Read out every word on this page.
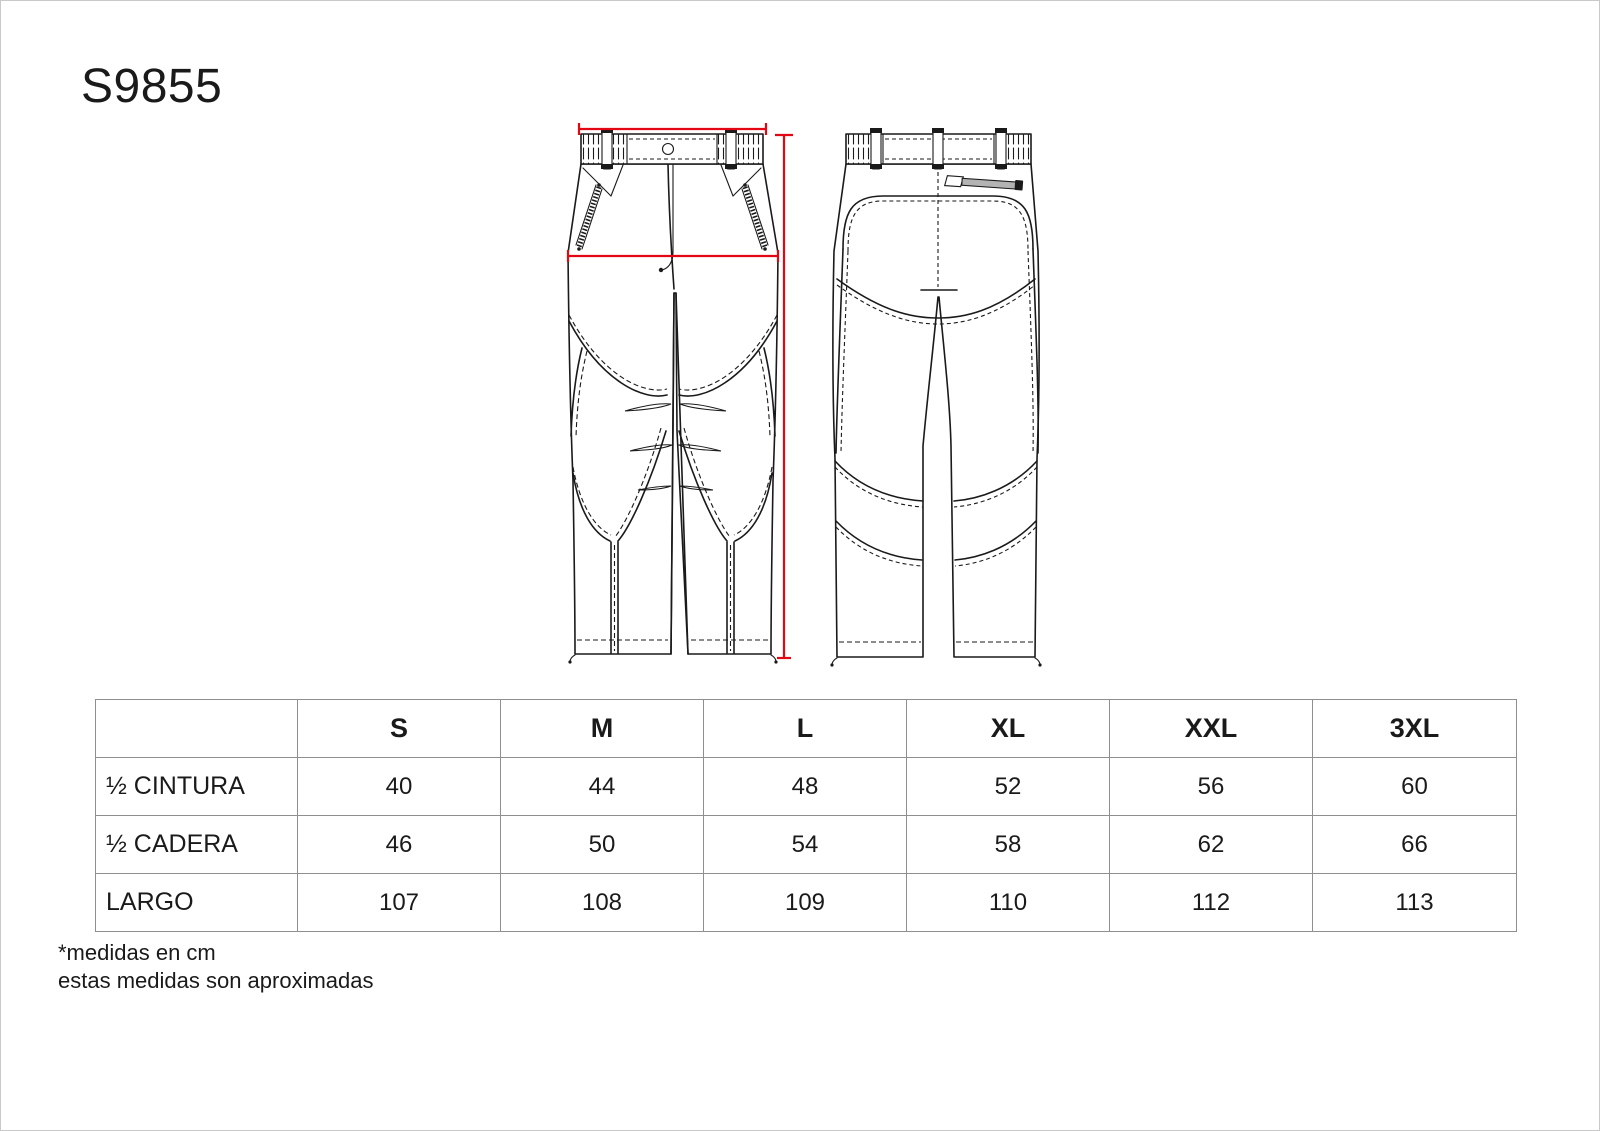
S9855
	S	M	L	XL	XXL	3XL
½ CINTURA	40	44	48	52	56	60
½ CADERA	46	50	54	58	62	66
LARGO	107	108	109	110	112	113
*medidas en cm
estas medidas son aproximadas
